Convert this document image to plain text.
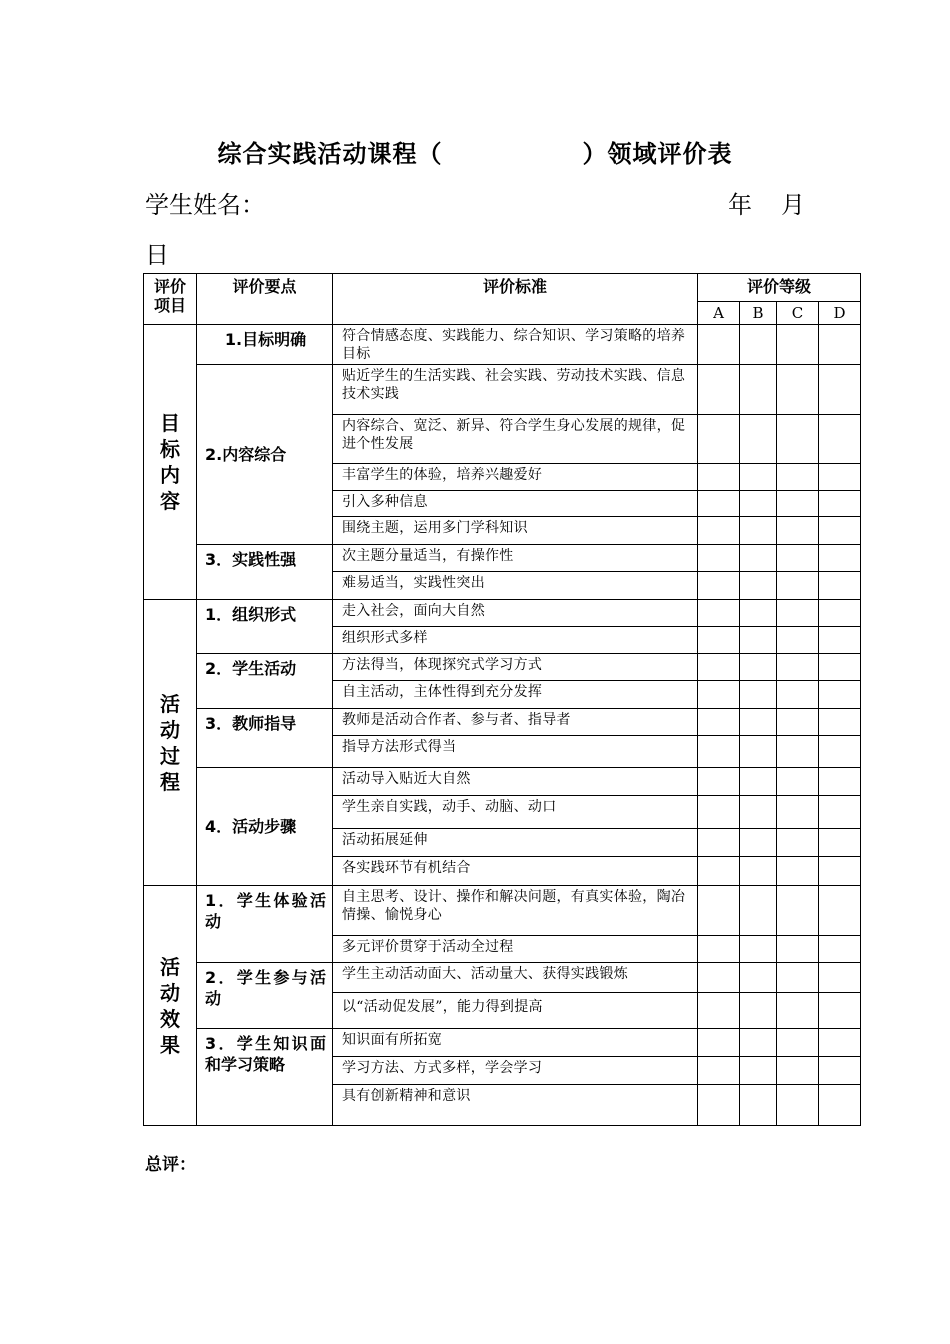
综合实践活动课程（	）领域评价表
学生姓名：	年 月
日
评价项目	评价要点	评价标准	评价等级			
			A	B	C	D

目标内容	1.目标明确	符合情感态度、实践能力、综合知识、学习策略的培养目标				
	2.内容综合	贴近学生的生活实践、社会实践、劳动技术实践、信息技术实践				
		内容综合、宽泛、新异、符合学生身心发展的规律，促进个性发展				
		丰富学生的体验，培养兴趣爱好				
		引入多种信息				
		围绕主题，运用多门学科知识				
	3．实践性强	次主题分量适当，有操作性				
		难易适当，实践性突出				

活动过程	1．组织形式	走入社会，面向大自然				
		组织形式多样				
	2．学生活动	方法得当，体现探究式学习方式				
		自主活动，主体性得到充分发挥				
	3．教师指导	教师是活动合作者、参与者、指导者				
		指导方法形式得当				
	4．活动步骤	活动导入贴近大自然				
		学生亲自实践，动手、动脑、动口				
		活动拓展延伸				
		各实践环节有机结合				

活动效果	1．学生体验活动	自主思考、设计、操作和解决问题，有真实体验，陶冶情操、愉悦身心				
		多元评价贯穿于活动全过程				
	2．学生参与活动	学生主动活动面大、活动量大、获得实践锻炼				
		以“活动促发展”，能力得到提高				
	3．学生知识面和学习策略	知识面有所拓宽				
		学习方法、方式多样，学会学习				
		具有创新精神和意识				
总评：
